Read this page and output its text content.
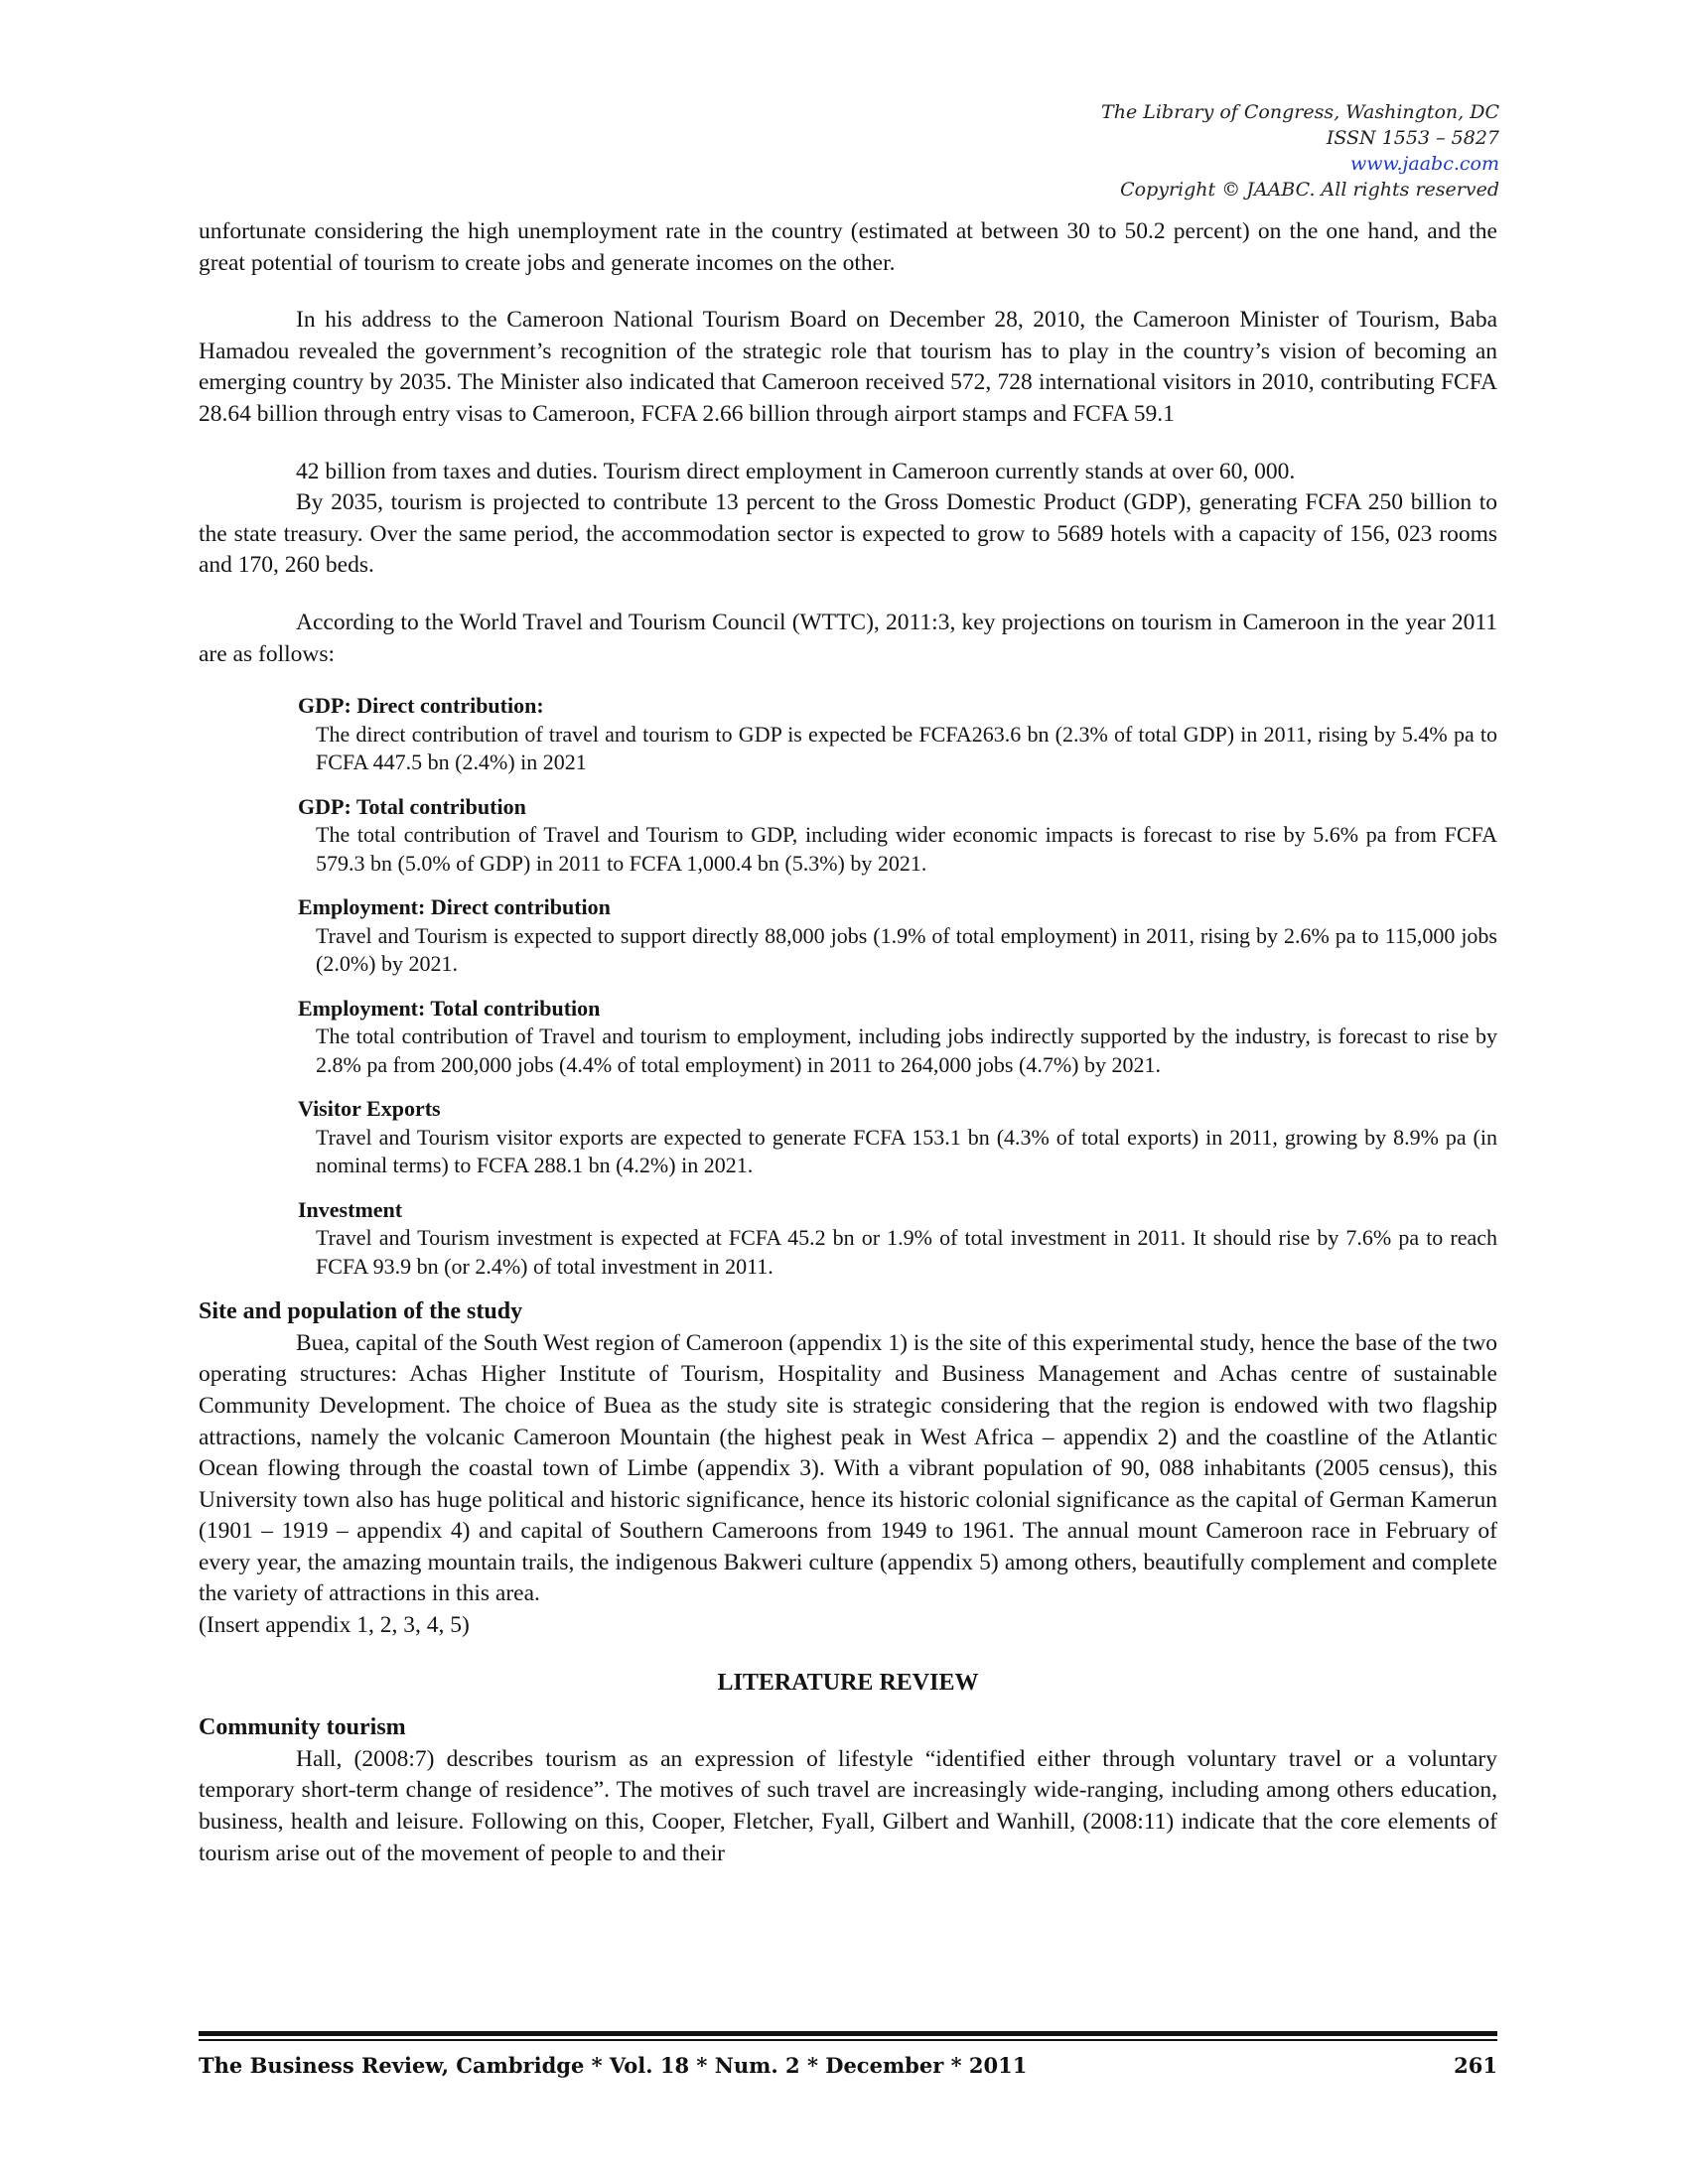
The Library of Congress, Washington, DC
ISSN 1553 – 5827
www.jaabc.com
Copyright © JAABC. All rights reserved

unfortunate considering the high unemployment rate in the country (estimated at between 30 to 50.2 percent) on the one hand, and the great potential of tourism to create jobs and generate incomes on the other.

In his address to the Cameroon National Tourism Board on December 28, 2010, the Cameroon Minister of Tourism, Baba Hamadou revealed the government’s recognition of the strategic role that tourism has to play in the country’s vision of becoming an emerging country by 2035. The Minister also indicated that Cameroon received 572, 728 international visitors in 2010, contributing FCFA 28.64 billion through entry visas to Cameroon, FCFA 2.66 billion through airport stamps and FCFA 59.1

42 billion from taxes and duties. Tourism direct employment in Cameroon currently stands at over 60, 000.

By 2035, tourism is projected to contribute 13 percent to the Gross Domestic Product (GDP), generating FCFA 250 billion to the state treasury. Over the same period, the accommodation sector is expected to grow to 5689 hotels with a capacity of 156, 023 rooms and 170, 260 beds.

According to the World Travel and Tourism Council (WTTC), 2011:3, key projections on tourism in Cameroon in the year 2011 are as follows:

GDP: Direct contribution:
The direct contribution of travel and tourism to GDP is expected be FCFA263.6 bn (2.3% of total GDP) in 2011, rising by 5.4% pa to FCFA 447.5 bn (2.4%) in 2021
GDP: Total contribution
The total contribution of Travel and Tourism to GDP, including wider economic impacts is forecast to rise by 5.6% pa from FCFA 579.3 bn (5.0% of GDP) in 2011 to FCFA 1,000.4 bn (5.3%) by 2021.
Employment: Direct contribution
Travel and Tourism is expected to support directly 88,000 jobs (1.9% of total employment) in 2011, rising by 2.6% pa to 115,000 jobs (2.0%) by 2021.
Employment: Total contribution
The total contribution of Travel and tourism to employment, including jobs indirectly supported by the industry, is forecast to rise by 2.8% pa from 200,000 jobs (4.4% of total employment) in 2011 to 264,000 jobs (4.7%) by 2021.
Visitor Exports
Travel and Tourism visitor exports are expected to generate FCFA 153.1 bn (4.3% of total exports) in 2011, growing by 8.9% pa (in nominal terms) to FCFA 288.1 bn (4.2%) in 2021.
Investment
Travel and Tourism investment is expected at FCFA 45.2 bn or 1.9% of total investment in 2011. It should rise by 7.6% pa to reach FCFA 93.9 bn (or 2.4%) of total investment in 2011.
Site and population of the study

Buea, capital of the South West region of Cameroon (appendix 1) is the site of this experimental study, hence the base of the two operating structures: Achas Higher Institute of Tourism, Hospitality and Business Management and Achas centre of sustainable Community Development. The choice of Buea as the study site is strategic considering that the region is endowed with two flagship attractions, namely the volcanic Cameroon Mountain (the highest peak in West Africa – appendix 2) and the coastline of the Atlantic Ocean flowing through the coastal town of Limbe (appendix 3). With a vibrant population of 90, 088 inhabitants (2005 census), this University town also has huge political and historic significance, hence its historic colonial significance as the capital of German Kamerun (1901 – 1919 – appendix 4) and capital of Southern Cameroons from 1949 to 1961. The annual mount Cameroon race in February of every year, the amazing mountain trails, the indigenous Bakweri culture (appendix 5) among others, beautifully complement and complete the variety of attractions in this area.

(Insert appendix 1, 2, 3, 4, 5)

LITERATURE REVIEW
Community tourism

Hall, (2008:7) describes tourism as an expression of lifestyle “identified either through voluntary travel or a voluntary temporary short-term change of residence”. The motives of such travel are increasingly wide-ranging, including among others education, business, health and leisure. Following on this, Cooper, Fletcher, Fyall, Gilbert and Wanhill, (2008:11) indicate that the core elements of tourism arise out of the movement of people to and their

The Business Review, Cambridge * Vol. 18 * Num. 2 * December * 2011	261
